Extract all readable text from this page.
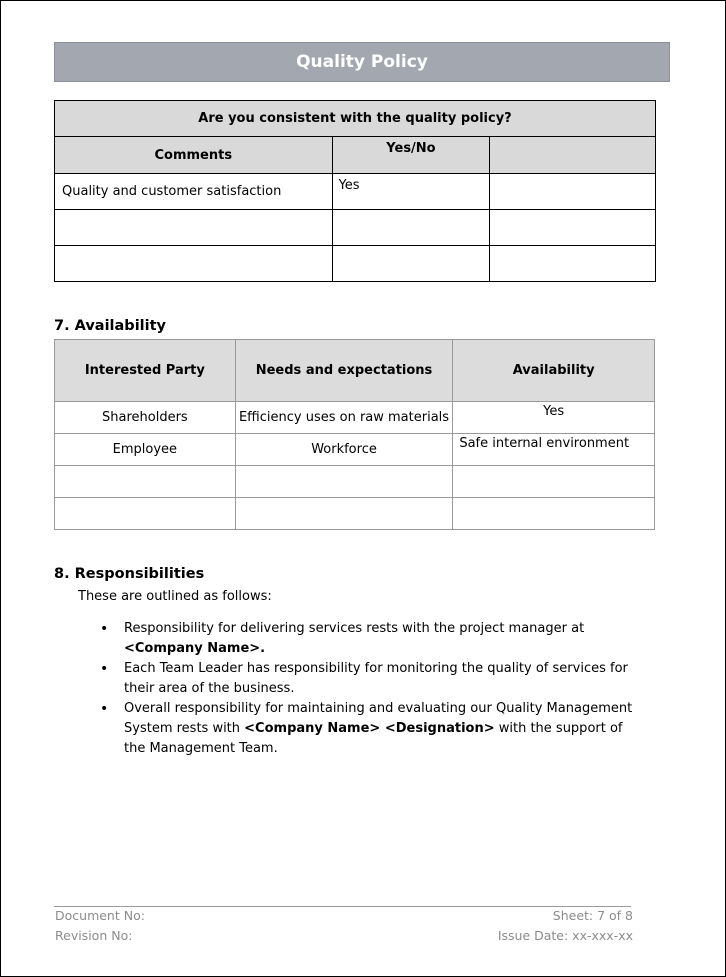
Quality Policy
Are you consistent with the quality policy?		
Comments	Yes/No	
Quality and customer satisfaction	Yes	

7. Availability
Interested Party	Needs and expectations	Availability
Shareholders	Efficiency uses on raw materials	Yes
Employee	Workforce	Safe internal environment

8. Responsibilities
These are outlined as follows:
• Responsibility for delivering services rests with the project manager at <Company Name>.
• Each Team Leader has responsibility for monitoring the quality of services for their area of the business.
• Overall responsibility for maintaining and evaluating our Quality Management System rests with <Company Name> <Designation> with the support of the Management Team.
Document No:
Revision No:
Sheet: 7 of 8
Issue Date: xx-xxx-xx
